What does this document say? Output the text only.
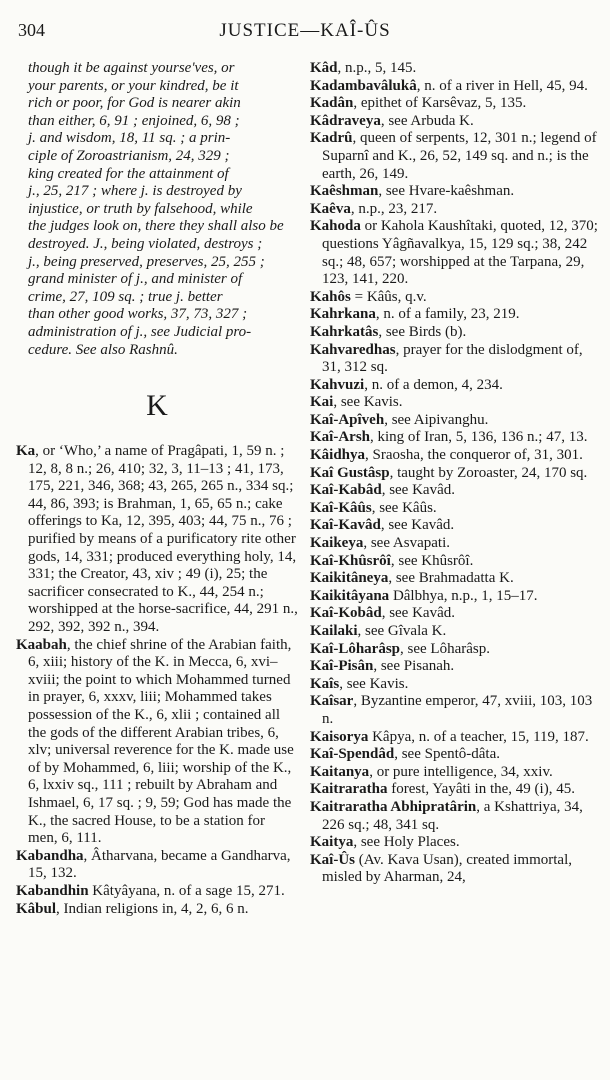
304	JUSTICE—KAÎ-ÛS
though it be against yourse'ves, or
your parents, or your kindred, be it
rich or poor, for God is nearer akin
than either, 6, 91 ; enjoined, 6, 98 ;
j. and wisdom, 18, 11 sq. ; a prin-
ciple of Zoroastrianism, 24, 329 ;
king created for the attainment of
j., 25, 217 ; where j. is destroyed by
injustice, or truth by falsehood, while
the judges look on, there they shall also be
destroyed. J., being violated, destroys ;
j., being preserved, preserves, 25, 255 ;
grand minister of j., and minister of
crime, 27, 109 sq. ; true j. better
than other good works, 37, 73, 327 ;
administration of j., see Judicial pro-
cedure. See also Rashnû.
K

Ka, or ‘Who,’ a name of Pragâpati, 1, 59 n. ; 12, 8, 8 n.; 26, 410; 32, 3, 11–13 ; 41, 173, 175, 221, 346, 368; 43, 265, 265 n., 334 sq.; 44, 86, 393; is Brahman, 1, 65, 65 n.; cake offerings to Ka, 12, 395, 403; 44, 75 n., 76 ; purified by means of a purificatory rite other gods, 14, 331; produced everything holy, 14, 331; the Creator, 43, xiv ; 49 (i), 25; the sacrificer consecrated to K., 44, 254 n.; worshipped at the horse-sacrifice, 44, 291 n., 292, 392, 392 n., 394.

Kaabah, the chief shrine of the Arabian faith, 6, xiii; history of the K. in Mecca, 6, xvi–xviii; the point to which Mohammed turned in prayer, 6, xxxv, liii; Mohammed takes possession of the K., 6, xlii ; contained all the gods of the different Arabian tribes, 6, xlv; universal reverence for the K. made use of by Mohammed, 6, liii; worship of the K., 6, lxxiv sq., 111 ; rebuilt by Abraham and Ishmael, 6, 17 sq. ; 9, 59; God has made the K., the sacred House, to be a station for men, 6, 111.

Kabandha, Âtharvana, became a Gandharva, 15, 132.

Kabandhin Kâtyâyana, n. of a sage 15, 271.

Kâbul, Indian religions in, 4, 2, 6, 6 n.

Kâd, n.p., 5, 145.

Kadambavâlukâ, n. of a river in Hell, 45, 94.

Kadân, epithet of Karsêvaz, 5, 135.

Kâdraveya, see Arbuda K.

Kadrû, queen of serpents, 12, 301 n.; legend of Suparnî and K., 26, 52, 149 sq. and n.; is the earth, 26, 149.

Kaêshman, see Hvare-kaêshman.

Kaêva, n.p., 23, 217.

Kahoda or Kahola Kaushîtaki, quoted, 12, 370; questions Yâgñavalkya, 15, 129 sq.; 38, 242 sq.; 48, 657; worshipped at the Tarpana, 29, 123, 141, 220.

Kahôs = Kâûs, q.v.

Kahrkana, n. of a family, 23, 219.

Kahrkatâs, see Birds (b).

Kahvaredhas, prayer for the dislodgment of, 31, 312 sq.

Kahvuzi, n. of a demon, 4, 234.

Kai, see Kavis.

Kaî-Apîveh, see Aipivanghu.

Kaî-Arsh, king of Iran, 5, 136, 136 n.; 47, 13.

Kâidhya, Sraosha, the conqueror of, 31, 301.

Kaî Gustâsp, taught by Zoroaster, 24, 170 sq.

Kaî-Kabâd, see Kavâd.

Kaî-Kâûs, see Kâûs.

Kaî-Kavâd, see Kavâd.

Kaikeya, see Asvapati.

Kaî-Khûsrôî, see Khûsrôî.

Kaikitâneya, see Brahmadatta K.

Kaikitâyana Dâlbhya, n.p., 1, 15–17.

Kaî-Kobâd, see Kavâd.

Kailaki, see Gîvala K.

Kaî-Lôharâsp, see Lôharâsp.

Kaî-Pisân, see Pisanah.

Kaîs, see Kavis.

Kaîsar, Byzantine emperor, 47, xviii, 103, 103 n.

Kaisorya Kâpya, n. of a teacher, 15, 119, 187.

Kaî-Spendâd, see Spentô-dâta.

Kaitanya, or pure intelligence, 34, xxiv.

Kaitraratha forest, Yayâti in the, 49 (i), 45.

Kaitraratha Abhipratârin, a Kshattriya, 34, 226 sq.; 48, 341 sq.

Kaitya, see Holy Places.

Kaî-Ûs (Av. Kava Usan), created immortal, misled by Aharman, 24,
